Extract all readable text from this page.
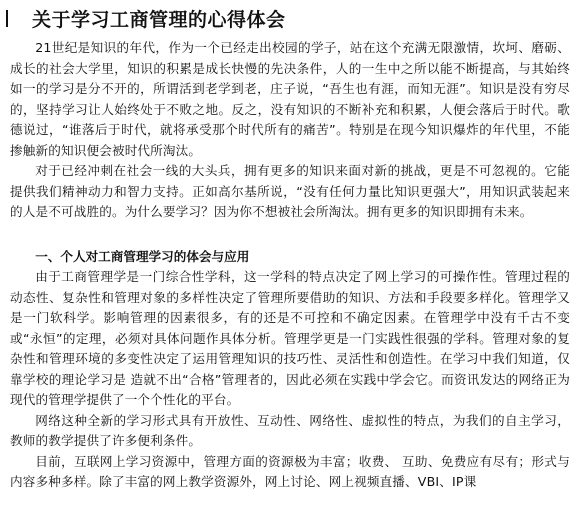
关于学习工商管理的心得体会

21世纪是知识的年代，作为一个已经走出校园的学子，站在这个充满无限激情，坎坷、磨砺、成长的社会大学里，知识的积累是成长快慢的先决条件，人的一生中之所以能不断提高，与其始终如一的学习是分不开的，所谓活到老学到老，庄子说，“吾生也有涯，而知无涯”。知识是没有穷尽的，坚持学习让人始终处于不败之地。反之，没有知识的不断补充和积累，人便会落后于时代。歌德说过，“谁落后于时代，就将承受那个时代所有的痛苦”。特别是在现今知识爆炸的年代里，不能掺触新的知识便会被时代所淘汰。

对于已经冲刺在社会一线的大头兵，拥有更多的知识来面对新的挑战，更是不可忽视的。它能提供我们精神动力和智力支持。正如高尔基所说，“没有任何力量比知识更强大”，用知识武装起来的人是不可战胜的。为什么要学习？因为你不想被社会所淘汰。拥有更多的知识即拥有未来。

一、个人对工商管理学习的体会与应用

由于工商管理学是一门综合性学科，这一学科的特点决定了网上学习的可操作性。管理过程的动态性、复杂性和管理对象的多样性决定了管理所要借助的知识、方法和手段要多样化。管理学又是一门软科学。影响管理的因素很多，有的还是不可控和不确定因素。在管理学中没有千古不变或“永恒”的定理，必须对具体问题作具体分析。管理学更是一门实践性很强的学科。管理对象的复杂性和管理环境的多变性决定了运用管理知识的技巧性、灵活性和创造性。在学习中我们知道，仅靠学校的理论学习是 造就不出“合格”管理者的，因此必须在实践中学会它。而资讯发达的网络正为现代的管理学提供了一个个性化的平台。

网络这种全新的学习形式具有开放性、互动性、网络性、虚拟性的特点，为我们的自主学习，教师的教学提供了许多便利条件。

目前，互联网上学习资源中，管理方面的资源极为丰富；收费、 互助、免费应有尽有；形式与内容多种多样。除了丰富的网上教学资源外，网上讨论、网上视频直播、VBI、IP课
